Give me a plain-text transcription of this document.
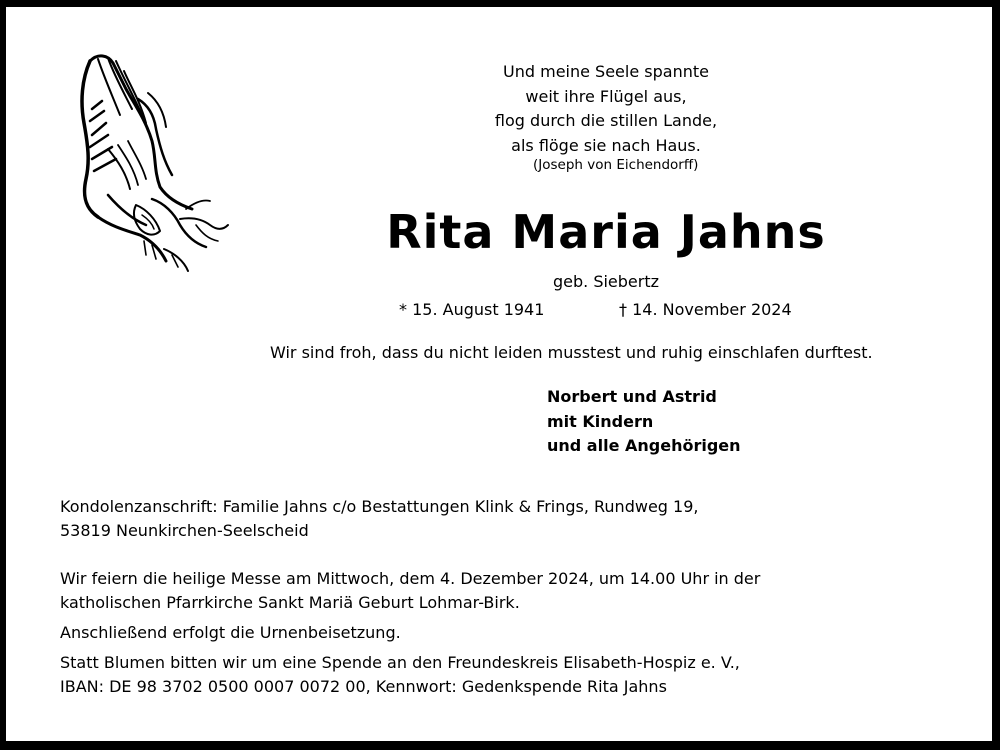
Und meine Seele spannte
weit ihre Flügel aus,
flog durch die stillen Lande,
als flöge sie nach Haus.
(Joseph von Eichendorff)
Rita Maria Jahns
geb. Siebertz
* 15. August 1941	† 14. November 2024
Wir sind froh, dass du nicht leiden musstest und ruhig einschlafen durftest.
Norbert und Astrid
mit Kindern
und alle Angehörigen

Kondolenzanschrift: Familie Jahns c/o Bestattungen Klink & Frings, Rundweg 19,

53819 Neunkirchen-Seelscheid

Wir feiern die heilige Messe am Mittwoch, dem 4. Dezember 2024, um 14.00 Uhr in der

katholischen Pfarrkirche Sankt Mariä Geburt Lohmar-Birk.

Anschließend erfolgt die Urnenbeisetzung.

Statt Blumen bitten wir um eine Spende an den Freundeskreis Elisabeth-Hospiz e. V.,

IBAN: DE 98 3702 0500 0007 0072 00, Kennwort: Gedenkspende Rita Jahns
